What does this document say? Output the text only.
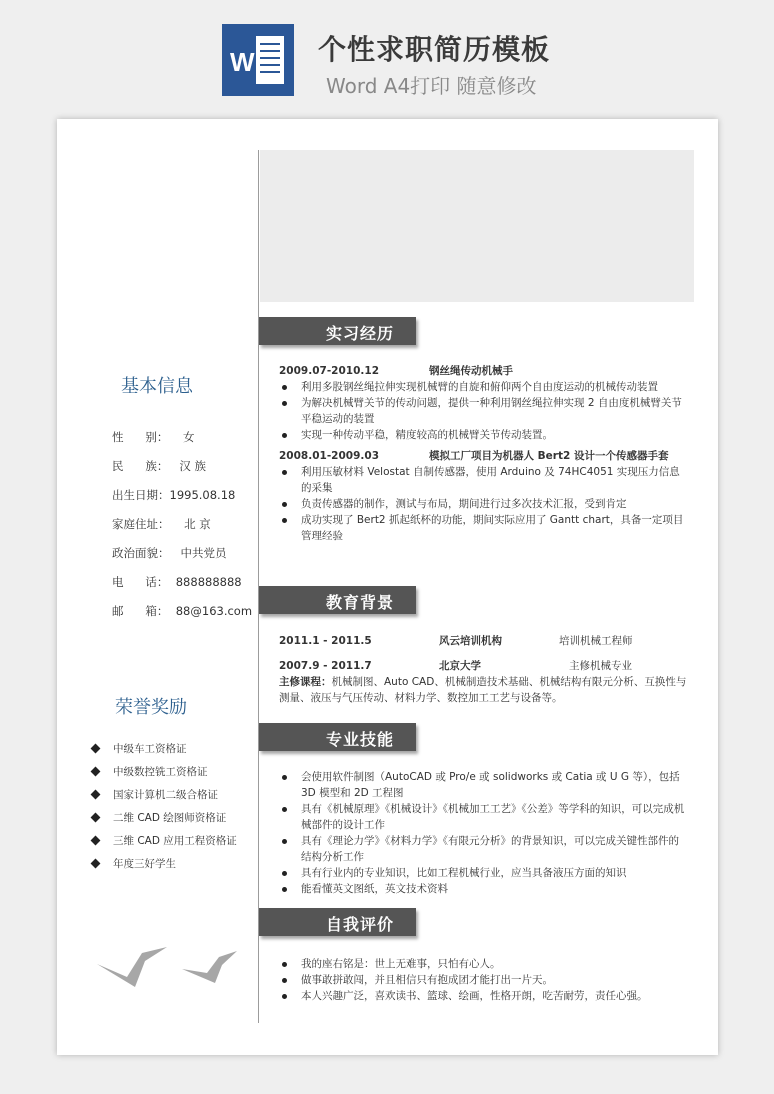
W 个性求职简历模板
Word A4打印 随意修改
基本信息
性      别：    女
民      族：   汉 族
出生日期：1995.08.18
家庭住址：    北 京
政治面貌：   中共党员
电      话：  888888888
邮      箱：  88@163.com
荣誉奖励
中级车工资格证
中级数控铣工资格证
国家计算机二级合格证
二维 CAD 绘图师资格证
三维 CAD 应用工程资格证
年度三好学生
实习经历
2009.07-2010.12	钢丝绳传动机械手
利用多股钢丝绳拉伸实现机械臂的自旋和俯仰两个自由度运动的机械传动装置
为解决机械臂关节的传动问题，提供一种利用钢丝绳拉伸实现 2 自由度机械臂关节平稳运动的装置
实现一种传动平稳，精度较高的机械臂关节传动装置。
2008.01-2009.03	模拟工厂项目为机器人 Bert2 设计一个传感器手套
利用压敏材料 Velostat 自制传感器，使用 Arduino 及 74HC4051 实现压力信息的采集
负责传感器的制作，测试与布局，期间进行过多次技术汇报，受到肯定
成功实现了 Bert2 抓起纸杯的功能，期间实际应用了 Gantt chart，具备一定项目管理经验
教育背景
2011.1 - 2011.5	风云培训机构	培训机械工程师
2007.9 - 2011.7	北京大学	主修机械专业
主修课程：机械制图、Auto CAD、机械制造技术基础、机械结构有限元分析、互换性与测量、液压与气压传动、材料力学、数控加工工艺与设备等。
专业技能
会使用软件制图（AutoCAD 或 Pro/e 或 solidworks 或 Catia 或 U G 等），包括 3D 模型和 2D 工程图
具有《机械原理》《机械设计》《机械加工工艺》《公差》等学科的知识，可以完成机械部件的设计工作
具有《理论力学》《材料力学》《有限元分析》的背景知识，可以完成关键性部件的结构分析工作
具有行业内的专业知识，比如工程机械行业，应当具备液压方面的知识
能看懂英文图纸，英文技术资料
自我评价
我的座右铭是：世上无难事，只怕有心人。
做事敢拼敢闯，并且相信只有抱成团才能打出一片天。
本人兴趣广泛，喜欢读书、篮球、绘画，性格开朗，吃苦耐劳，责任心强。
